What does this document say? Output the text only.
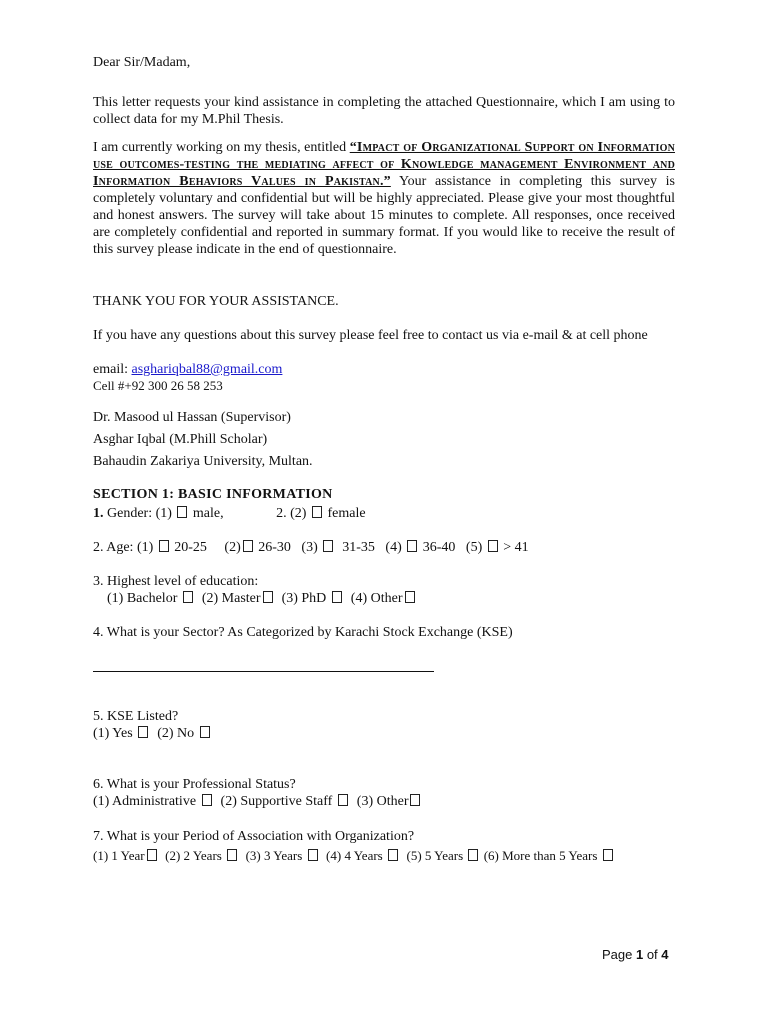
Dear Sir/Madam,
This letter requests your kind assistance in completing the attached Questionnaire, which I am using to collect data for my M.Phil Thesis.
I am currently working on my thesis, entitled “Impact of Organizational Support on Information use outcomes-testing the mediating affect of Knowledge management Environment and Information Behaviors Values in Pakistan.” Your assistance in completing this survey is completely voluntary and confidential but will be highly appreciated. Please give your most thoughtful and honest answers. The survey will take about 15 minutes to complete. All responses, once received are completely confidential and reported in summary format. If you would like to receive the result of this survey please indicate in the end of questionnaire.
THANK YOU FOR YOUR ASSISTANCE.
If you have any questions about this survey please feel free to contact us via e-mail & at cell phone
email: asghariqbal88@gmail.com
Cell #+92 300 26 58 253
Dr. Masood ul Hassan (Supervisor)
Asghar Iqbal (M.Phill Scholar)
Bahaudin Zakariya University, Multan.
SECTION 1: BASIC INFORMATION
1. Gender: (1)  male,               2. (2)  female
2. Age: (1)  20-25     (2) 26-30   (3)   31-35   (4)  36-40   (5)  > 41
3. Highest level of education:
(1) Bachelor   (2) Master  (3) PhD   (4) Other
4. What is your Sector? As Categorized by Karachi Stock Exchange (KSE)
5. KSE Listed?
(1) Yes   (2) No
6. What is your Professional Status?
(1) Administrative   (2) Supportive Staff   (3) Other
7. What is your Period of Association with Organization?
(1) 1 Year  (2) 2 Years   (3) 3 Years   (4) 4 Years   (5) 5 Years  (6) More than 5 Years
Page 1 of 4
